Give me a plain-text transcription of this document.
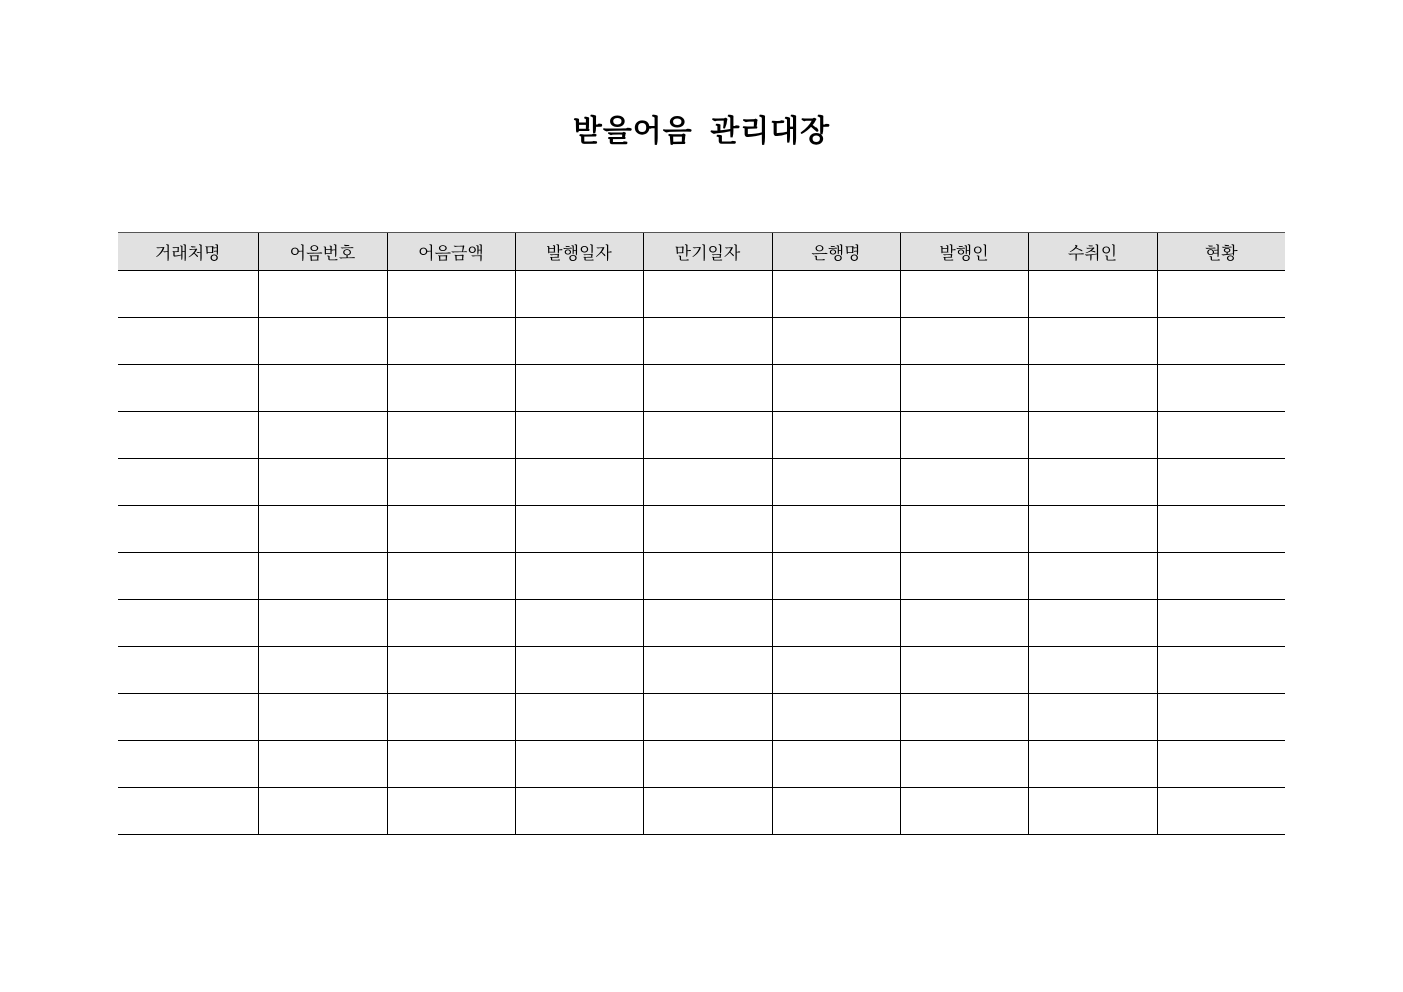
받을어음 관리대장
거래처명	어음번호	어음금액	발행일자	만기일자	은행명	발행인	수취인	현황
